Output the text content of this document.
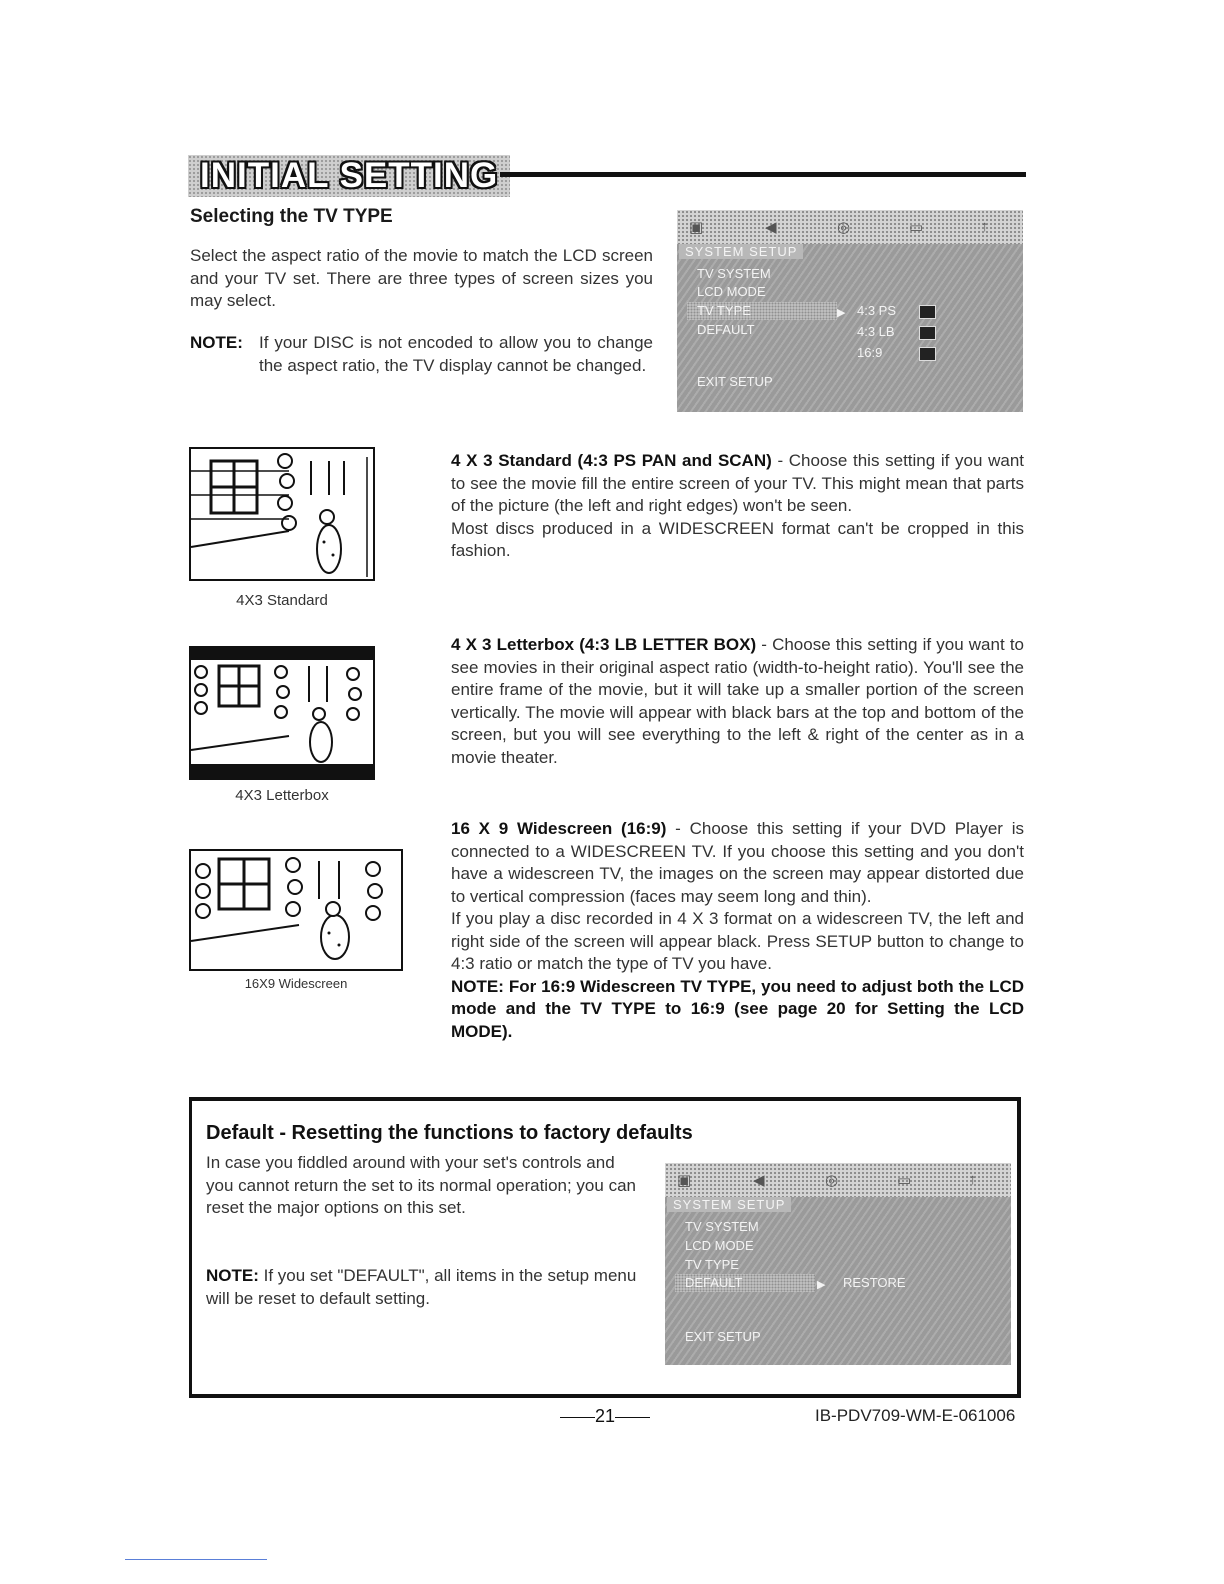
INITIAL SETTING
Selecting the TV TYPE

Select the aspect ratio of the movie to match the LCD screen and your TV set. There are three types of screen sizes you may select.

NOTE: If your DISC is not encoded to allow you to change the aspect ratio, the TV display cannot be changed.
▣	◀	◎	▭	↑
SYSTEM SETUP
TV SYSTEM
LCD MODE
TV TYPE
DEFAULT
EXIT SETUP
▶ 4:3 PS
4:3 LB
16:9
4X3 Standard
4X3 Letterbox
16X9 Widescreen
4 X 3 Standard (4:3 PS PAN and SCAN) - Choose this setting if you want to see the movie fill the entire screen of your TV. This might mean that parts of the picture (the left and right edges) won't be seen.
Most discs produced in a WIDESCREEN format can't be cropped in this fashion.
4 X 3 Letterbox (4:3 LB LETTER BOX) - Choose this setting if you want to see movies in their original aspect ratio (width-to-height ratio). You'll see the entire frame of the movie, but it will take up a smaller portion of the screen vertically. The movie will appear with black bars at the top and bottom of the screen, but you will see everything to the left & right of the center as in a movie theater.
16 X 9 Widescreen (16:9) - Choose this setting if your DVD Player is connected to a WIDESCREEN TV. If you choose this setting and you don't have a widescreen TV, the images on the screen may appear distorted due to vertical compression (faces may seem long and thin).
If you play a disc recorded in 4 X 3 format on a widescreen TV, the left and right side of the screen will appear black. Press SETUP button to change to 4:3 ratio or match the type of TV you have.
NOTE: For 16:9 Widescreen TV TYPE, you need to adjust both the LCD mode and the TV TYPE to 16:9 (see page 20 for Setting the LCD MODE).
Default - Resetting the functions to factory defaults

In case you fiddled around with your set's controls and you cannot return the set to its normal operation; you can reset the major options on this set.

NOTE: If you set "DEFAULT", all items in the setup menu will be reset to default setting.
▣	◀	◎	▭	↑
SYSTEM SETUP
TV SYSTEM
LCD MODE
TV TYPE
DEFAULT
EXIT SETUP
▶ RESTORE
21	IB-PDV709-WM-E-061006
